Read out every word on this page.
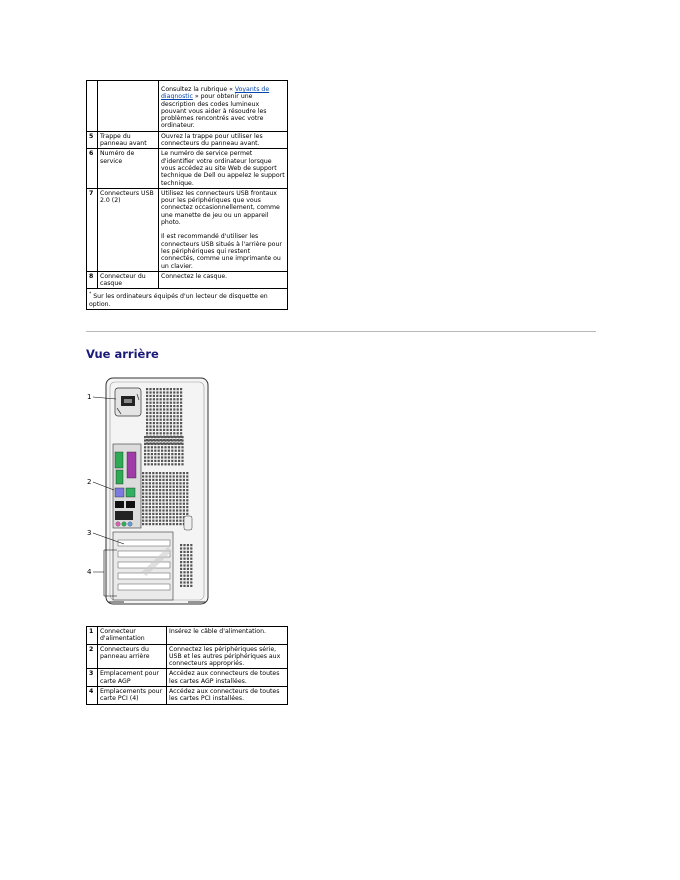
		Consultez la rubrique « Voyants de diagnostic » pour obtenir une description des codes lumineux pouvant vous aider à résoudre les problèmes rencontrés avec votre ordinateur.
5	Trappe du panneau avant	Ouvrez la trappe pour utiliser les connecteurs du panneau avant.
6	Numéro de service	Le numéro de service permet d'identifier votre ordinateur lorsque vous accédez au site Web de support technique de Dell ou appelez le support technique.
7	Connecteurs USB 2.0 (2)	Utilisez les connecteurs USB frontaux pour les périphériques que vous connectez occasionnellement, comme une manette de jeu ou un appareil photo.
Il est recommandé d'utiliser les connecteurs USB situés à l'arrière pour les périphériques qui restent connectés, comme une imprimante ou un clavier.

8	Connecteur du casque	Connectez le casque.
* Sur les ordinateurs équipés d'un lecteur de disquette en option.		
Vue arrière
1
2
3
4
1	Connecteur d'alimentation	Insérez le câble d'alimentation.
2	Connecteurs du panneau arrière	Connectez les périphériques série, USB et les autres périphériques aux connecteurs appropriés.
3	Emplacement pour carte AGP	Accédez aux connecteurs de toutes les cartes AGP installées.
4	Emplacements pour carte PCI (4)	Accédez aux connecteurs de toutes les cartes PCI installées.
